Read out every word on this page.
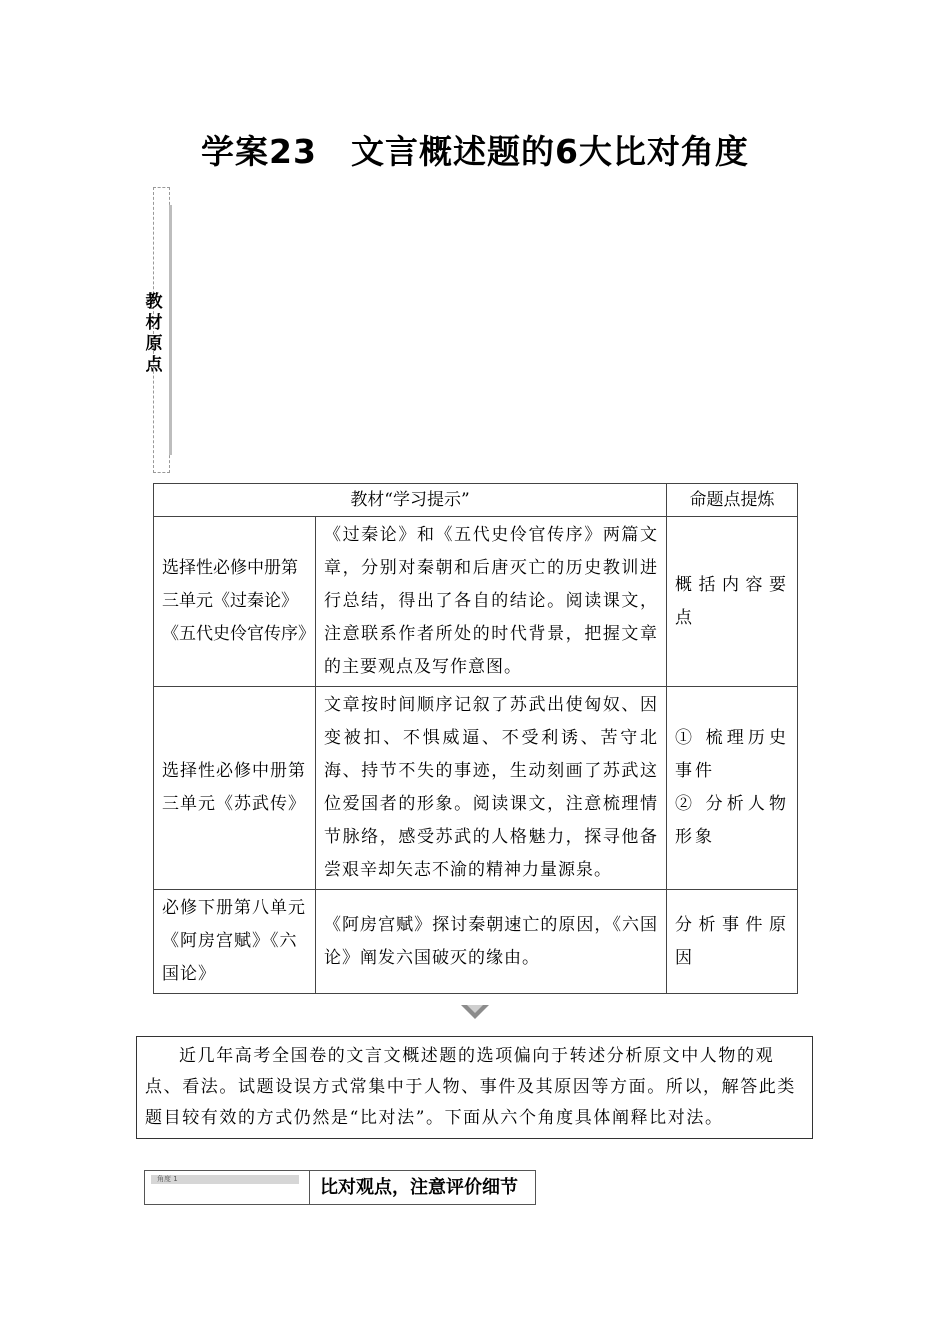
学案23　文言概述题的6大比对角度
教
材
原
点
教材“学习提示”		命题点提炼
选择性必修中册第三单元《过秦论》《五代史伶官传序》	《过秦论》和《五代史伶官传序》两篇文章，分别对秦朝和后唐灭亡的历史教训进行总结，得出了各自的结论。阅读课文，注意联系作者所处的时代背景，把握文章的主要观点及写作意图。	概括内容要点
选择性必修中册第三单元《苏武传》	文章按时间顺序记叙了苏武出使匈奴、因变被扣、不惧威逼、不受利诱、苦守北海、持节不失的事迹，生动刻画了苏武这位爱国者的形象。阅读课文，注意梳理情节脉络，感受苏武的人格魅力，探寻他备尝艰辛却矢志不渝的精神力量源泉。	① 梳理历史事件
② 分析人物形象

必修下册第八单元《阿房宫赋》《六国论》	《阿房宫赋》探讨秦朝速亡的原因，《六国论》阐发六国破灭的缘由。	分析事件原因
近几年高考全国卷的文言文概述题的选项偏向于转述分析原文中人物的观点、看法。试题设误方式常集中于人物、事件及其原因等方面。所以，解答此类题目较有效的方式仍然是“比对法”。下面从六个角度具体阐释比对法。
角度 1	比对观点，注意评价细节
